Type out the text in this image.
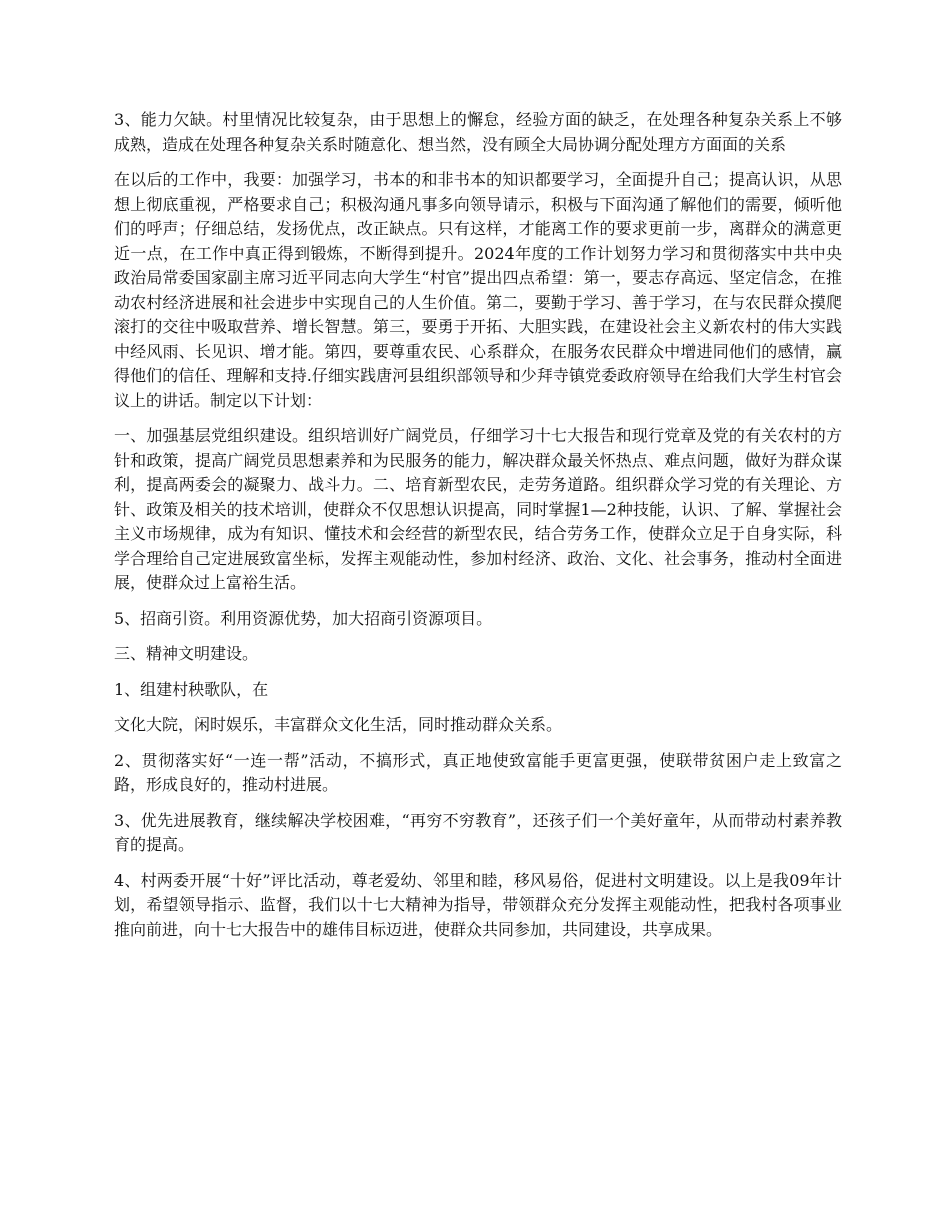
3、能力欠缺。村里情况比较复杂，由于思想上的懈怠，经验方面的缺乏，在处理各种复杂关系上不够成熟，造成在处理各种复杂关系时随意化、想当然，没有顾全大局协调分配处理方方面面的关系

在以后的工作中，我要：加强学习，书本的和非书本的知识都要学习，全面提升自己；提高认识，从思想上彻底重视，严格要求自己；积极沟通凡事多向领导请示，积极与下面沟通了解他们的需要，倾听他们的呼声；仔细总结，发扬优点，改正缺点。只有这样，才能离工作的要求更前一步，离群众的满意更近一点，在工作中真正得到锻炼，不断得到提升。2024年度的工作计划努力学习和贯彻落实中共中央政治局常委国家副主席习近平同志向大学生“村官”提出四点希望：第一，要志存高远、坚定信念，在推动农村经济进展和社会进步中实现自己的人生价值。第二，要勤于学习、善于学习，在与农民群众摸爬滚打的交往中吸取营养、增长智慧。第三，要勇于开拓、大胆实践，在建设社会主义新农村的伟大实践中经风雨、长见识、增才能。第四，要尊重农民、心系群众，在服务农民群众中增进同他们的感情，赢得他们的信任、理解和支持.仔细实践唐河县组织部领导和少拜寺镇党委政府领导在给我们大学生村官会议上的讲话。制定以下计划：

一、加强基层党组织建设。组织培训好广阔党员，仔细学习十七大报告和现行党章及党的有关农村的方针和政策，提高广阔党员思想素养和为民服务的能力，解决群众最关怀热点、难点问题，做好为群众谋利，提高两委会的凝聚力、战斗力。二、培育新型农民，走劳务道路。组织群众学习党的有关理论、方针、政策及相关的技术培训，使群众不仅思想认识提高，同时掌握1—2种技能，认识、了解、掌握社会主义市场规律，成为有知识、懂技术和会经营的新型农民，结合劳务工作，使群众立足于自身实际，科学合理给自己定进展致富坐标，发挥主观能动性，参加村经济、政治、文化、社会事务，推动村全面进展，使群众过上富裕生活。

5、招商引资。利用资源优势，加大招商引资源项目。

三、精神文明建设。

1、组建村秧歌队，在

文化大院，闲时娱乐，丰富群众文化生活，同时推动群众关系。

2、贯彻落实好“一连一帮”活动，不搞形式，真正地使致富能手更富更强，使联带贫困户走上致富之路，形成良好的，推动村进展。

3、优先进展教育，继续解决学校困难，“再穷不穷教育”，还孩子们一个美好童年，从而带动村素养教育的提高。

4、村两委开展“十好”评比活动，尊老爱幼、邻里和睦，移风易俗，促进村文明建设。以上是我09年计划，希望领导指示、监督，我们以十七大精神为指导，带领群众充分发挥主观能动性，把我村各项事业推向前进，向十七大报告中的雄伟目标迈进，使群众共同参加，共同建设，共享成果。
